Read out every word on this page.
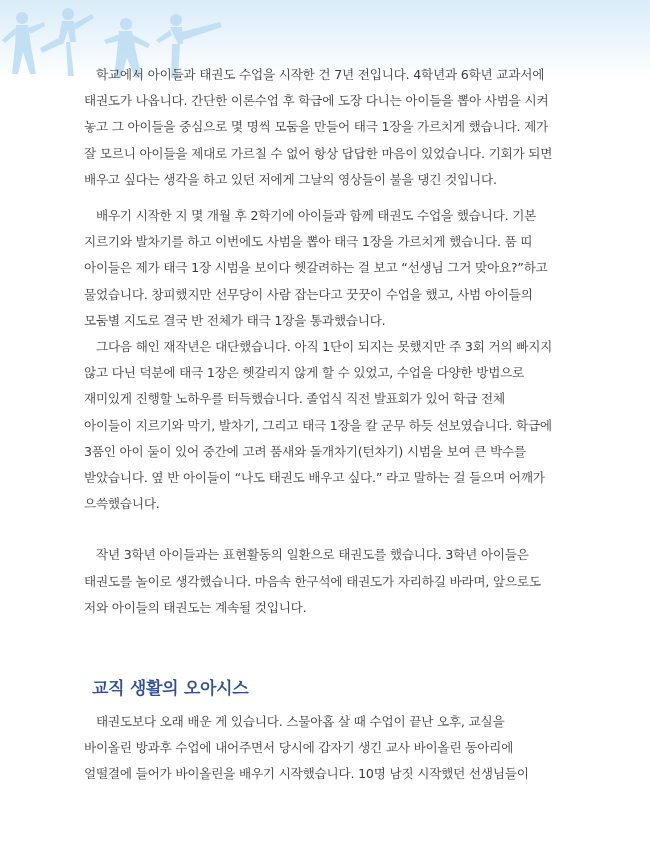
학교에서 아이들과 태권도 수업을 시작한 건 7년 전입니다. 4학년과 6학년 교과서에
태권도가 나옵니다. 간단한 이론수업 후 학급에 도장 다니는 아이들을 뽑아 사범을 시켜
놓고 그 아이들을 중심으로 몇 명씩 모둠을 만들어 태극 1장을 가르치게 했습니다. 제가
잘 모르니 아이들을 제대로 가르칠 수 없어 항상 답답한 마음이 있었습니다. 기회가 되면
배우고 싶다는 생각을 하고 있던 저에게 그날의 영상들이 불을 댕긴 것입니다.

배우기 시작한 지 몇 개월 후 2학기에 아이들과 함께 태권도 수업을 했습니다. 기본
지르기와 발차기를 하고 이번에도 사범을 뽑아 태극 1장을 가르치게 했습니다. 품 띠
아이들은 제가 태극 1장 시범을 보이다 헷갈려하는 걸 보고 “선생님 그거 맞아요?”하고
물었습니다. 창피했지만 선무당이 사람 잡는다고 꿋꿋이 수업을 했고, 사범 아이들의
모둠별 지도로 결국 반 전체가 태극 1장을 통과했습니다.

그다음 해인 재작년은 대단했습니다. 아직 1단이 되지는 못했지만 주 3회 거의 빠지지
않고 다닌 덕분에 태극 1장은 헷갈리지 않게 할 수 있었고, 수업을 다양한 방법으로
재미있게 진행할 노하우를 터득했습니다. 졸업식 직전 발표회가 있어 학급 전체
아이들이 지르기와 막기, 발차기, 그리고 태극 1장을 칼 군무 하듯 선보였습니다. 학급에
3품인 아이 둘이 있어 중간에 고려 품새와 돌개차기(턴차기) 시범을 보여 큰 박수를
받았습니다. 옆 반 아이들이 “나도 태권도 배우고 싶다.” 라고 말하는 걸 들으며 어깨가
으쓱했습니다.

작년 3학년 아이들과는 표현활동의 일환으로 태권도를 했습니다. 3학년 아이들은
태권도를 놀이로 생각했습니다. 마음속 한구석에 태권도가 자리하길 바라며, 앞으로도
저와 아이들의 태권도는 계속될 것입니다.

교직 생활의 오아시스

태권도보다 오래 배운 게 있습니다. 스물아홉 살 때 수업이 끝난 오후, 교실을
바이올린 방과후 수업에 내어주면서 당시에 갑자기 생긴 교사 바이올린 동아리에
얼떨결에 들어가 바이올린을 배우기 시작했습니다. 10명 남짓 시작했던 선생님들이
